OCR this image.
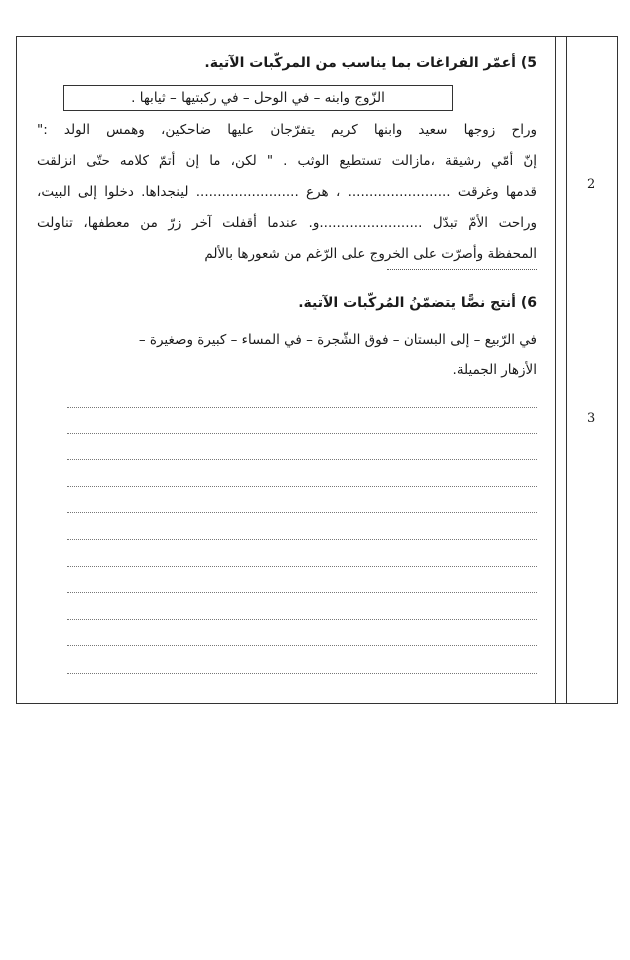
2
3
5) أعمّر الفراغات بما يناسب من المركّبات الآتية.
الزّوج وابنه – في الوحل – في ركبتيها – ثيابها .
وراح زوجها سعيد وابنها كريم يتفرّجان عليها ضاحكين، وهمس الولد :"
إنّ أمّي رشيقة ،مازالت تستطيع الوثب . " لكن، ما إن أتمّ كلامه حتّى انزلقت
قدمها وغرقت ........................ ، هرع ........................ لينجداها. دخلوا إلى البيت،
وراحت الأمّ تبدّل ........................و. عندما أقفلت آخر زرّ من معطفها، تناولت
المحفظة وأصرّت على الخروج على الرّغم من شعورها بالألم
6) أنتج نصًّا يتضمّنُ المُركّبات الآتية.
في الرّبيع – إلى البستان – فوق الشّجرة – في المساء – كبيرة وصغيرة –
الأزهار الجميلة.
